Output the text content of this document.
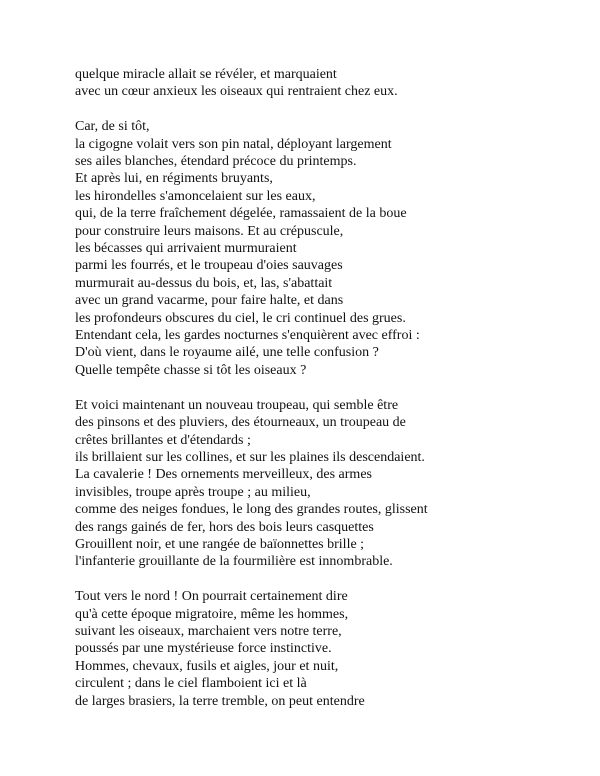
quelque miracle allait se révéler, et marquaient
avec un cœur anxieux les oiseaux qui rentraient chez eux.

Car, de si tôt,
la cigogne volait vers son pin natal, déployant largement
ses ailes blanches, étendard précoce du printemps.
Et après lui, en régiments bruyants,
les hirondelles s'amoncelaient sur les eaux,
qui, de la terre fraîchement dégelée, ramassaient de la boue
pour construire leurs maisons. Et au crépuscule,
les bécasses qui arrivaient murmuraient
parmi les fourrés, et le troupeau d'oies sauvages
murmurait au-dessus du bois, et, las, s'abattait
avec un grand vacarme, pour faire halte, et dans
les profondeurs obscures du ciel, le cri continuel des grues.
Entendant cela, les gardes nocturnes s'enquièrent avec effroi :
D'où vient, dans le royaume ailé, une telle confusion ?
Quelle tempête chasse si tôt les oiseaux ?

Et voici maintenant un nouveau troupeau, qui semble être
des pinsons et des pluviers, des étourneaux, un troupeau de
crêtes brillantes et d'étendards ;
ils brillaient sur les collines, et sur les plaines ils descendaient.
La cavalerie ! Des ornements merveilleux, des armes
invisibles, troupe après troupe ; au milieu,
comme des neiges fondues, le long des grandes routes, glissent
des rangs gainés de fer, hors des bois leurs casquettes
Grouillent noir, et une rangée de baïonnettes brille ;
l'infanterie grouillante de la fourmilière est innombrable.

Tout vers le nord ! On pourrait certainement dire
qu'à cette époque migratoire, même les hommes,
suivant les oiseaux, marchaient vers notre terre,
poussés par une mystérieuse force instinctive.
Hommes, chevaux, fusils et aigles, jour et nuit,
circulent ; dans le ciel flamboient ici et là
de larges brasiers, la terre tremble, on peut entendre
